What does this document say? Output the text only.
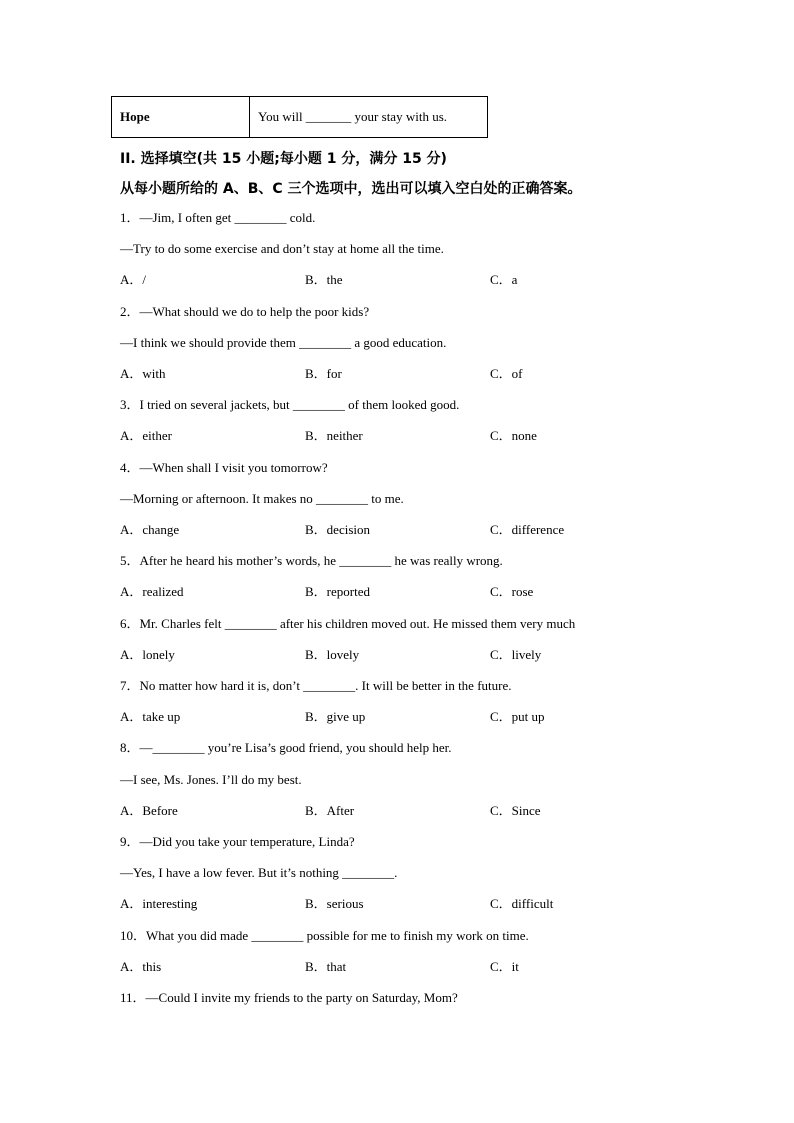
Hope	You will _______ your stay with us.
II. 选择填空(共 15 小题;每小题 1 分，满分 15 分)
从每小题所给的 A、B、C 三个选项中，选出可以填入空白处的正确答案。
1．—Jim, I often get ________ cold.
—Try to do some exercise and don’t stay at home all the time.
A．/	B．the	C．a
2．—What should we do to help the poor kids?
—I think we should provide them ________ a good education.
A．with	B．for	C．of
3．I tried on several jackets, but ________ of them looked good.
A．either	B．neither	C．none
4．—When shall I visit you tomorrow?
—Morning or afternoon. It makes no ________ to me.
A．change	B．decision	C．difference
5．After he heard his mother’s words, he ________ he was really wrong.
A．realized	B．reported	C．rose
6．Mr. Charles felt ________ after his children moved out. He missed them very much
A．lonely	B．lovely	C．lively
7．No matter how hard it is, don’t ________. It will be better in the future.
A．take up	B．give up	C．put up
8．—________ you’re Lisa’s good friend, you should help her.
—I see, Ms. Jones. I’ll do my best.
A．Before	B．After	C．Since
9．—Did you take your temperature, Linda?
—Yes, I have a low fever. But it’s nothing ________.
A．interesting	B．serious	C．difficult
10．What you did made ________ possible for me to finish my work on time.
A．this	B．that	C．it
11．—Could I invite my friends to the party on Saturday, Mom?
